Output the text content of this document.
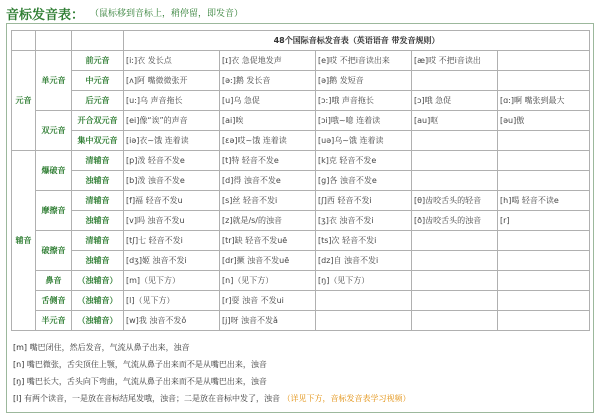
音标发音表： （鼠标移到音标上，稍停留，即发音）
			48个国际音标发音表（英语语音 带发音规则）				
元音	单元音	前元音	[iː]衣 发长点	[ɪ]衣 急促地发声	[e]哎 不把i音读出来	[æ]哎 不把i音读出	
		中元音	[ʌ]阿 嘴微微张开	[ə:]鹅 发长音	[ə]鹅 发短音		
		后元音	[u:]乌 声音拖长	[u]乌 急促	[ɔ:]哦 声音拖长	[ɔ]哦 急促	[ɑ:]啊 嘴张到最大
	双元音	开合双元音	[ei]像“诶”的声音	[ai]唉	[ɔi]哦~噫 连着读	[au]呕	[əu]傲
		集中双元音	[iə]衣~饿 连着读	[ɛə]哎~饿 连着读	[uə]乌~饿 连着读		
辅音	爆破音	清辅音	[p]泼 轻音不发e	[t]特 轻音不发e	[k]克 轻音不发e		
		浊辅音	[b]泼 浊音不发e	[d]得 浊音不发e	[g]各 浊音不发e		
	摩擦音	清辅音	[f]福 轻音不发u	[s]丝 轻音不发i	[ʃ]西 轻音不发i	[θ]齿咬舌头的轻音	[h]喝 轻音不读e
		浊辅音	[v]吗 浊音不发u	[z]就是/s/的浊音	[ʒ]衣 浊音不发i	[ð]齿咬舌头的浊音	[r]
	破擦音	清辅音	[tʃ]七 轻音不发i	[tr]缺 轻音不发uē	[ts]次 轻音不发i		
		浊辅音	[dʒ]姬 浊音不发i	[dr]撅 浊音不发uē	[dz]自 浊音不发i		
	鼻音	（浊辅音）	[m]（见下方）	[n]（见下方）	[ŋ]（见下方）		
	舌侧音	（浊辅音）	[l]（见下方）	[r]耍 浊音 不发ui			
	半元音	（浊辅音）	[w]我 浊音不发ǒ	[j]呀 浊音不发ǎ			
[m] 嘴巴闭住，然后发音，气流从鼻子出来，浊音
[n] 嘴巴微张，舌尖顶住上颚，气流从鼻子出来而不是从嘴巴出来，浊音
[ŋ] 嘴巴长大，舌头向下弯曲，气流从鼻子出来而不是从嘴巴出来，浊音
[l] 有两个读音，一是放在音标结尾发哦，浊音；二是放在音标中发了，浊音 （详见下方，音标发音表学习视频）
